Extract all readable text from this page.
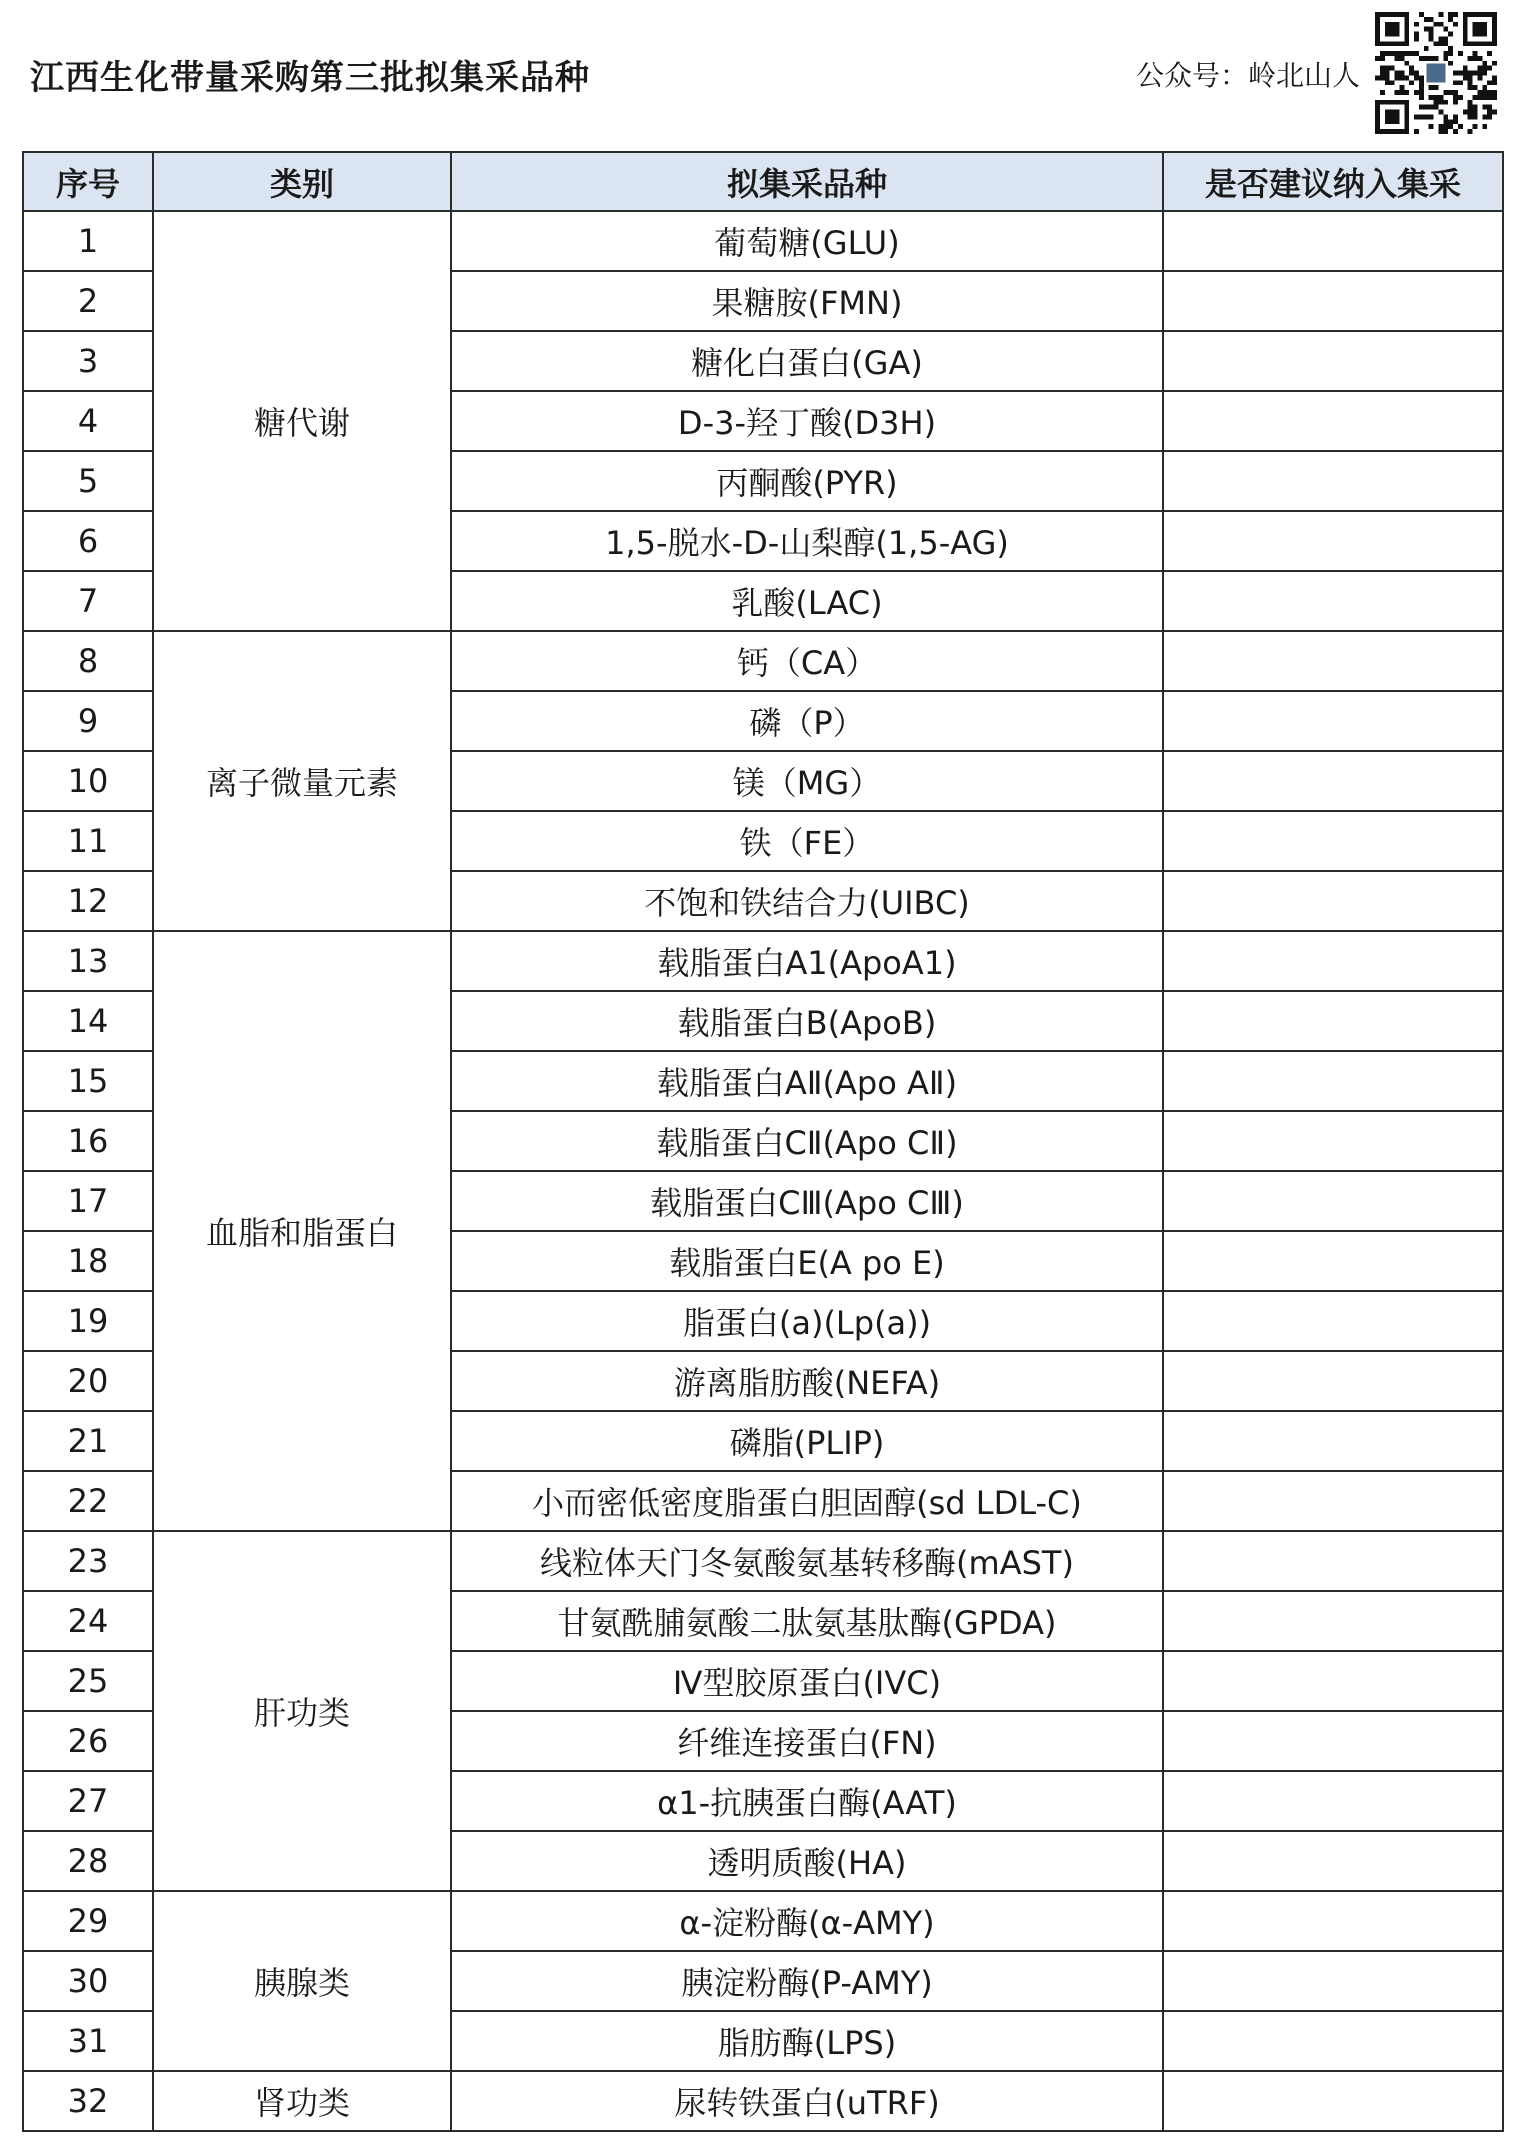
江西生化带量采购第三批拟集采品种	公众号：岭北山人
序号	类别	拟集采品种	是否建议纳入集采
1	糖代谢	葡萄糖(GLU)	
2		果糖胺(FMN)	
3		糖化白蛋白(GA)	
4		D-3-羟丁酸(D3H)	
5		丙酮酸(PYR)	
6		1,5-脱水-D-山梨醇(1,5-AG)	
7		乳酸(LAC)	
8	离子微量元素	钙（CA）	
9		磷（P）	
10		镁（MG）	
11		铁（FE）	
12		不饱和铁结合力(UIBC)	
13	血脂和脂蛋白	载脂蛋白A1(ApoA1)	
14		载脂蛋白B(ApoB)	
15		载脂蛋白AⅡ(Apo AⅡ)	
16		载脂蛋白CⅡ(Apo CⅡ)	
17		载脂蛋白CⅢ(Apo CⅢ)	
18		载脂蛋白E(A po E)	
19		脂蛋白(a)(Lp(a))	
20		游离脂肪酸(NEFA)	
21		磷脂(PLIP)	
22		小而密低密度脂蛋白胆固醇(sd LDL-C)	
23	肝功类	线粒体天门冬氨酸氨基转移酶(mAST)	
24		甘氨酰脯氨酸二肽氨基肽酶(GPDA)	
25		Ⅳ型胶原蛋白(IVC)	
26		纤维连接蛋白(FN)	
27		α1-抗胰蛋白酶(AAT)	
28		透明质酸(HA)	
29	胰腺类	α-淀粉酶(α-AMY)	
30		胰淀粉酶(P-AMY)	
31		脂肪酶(LPS)	
32	肾功类	尿转铁蛋白(uTRF)	
